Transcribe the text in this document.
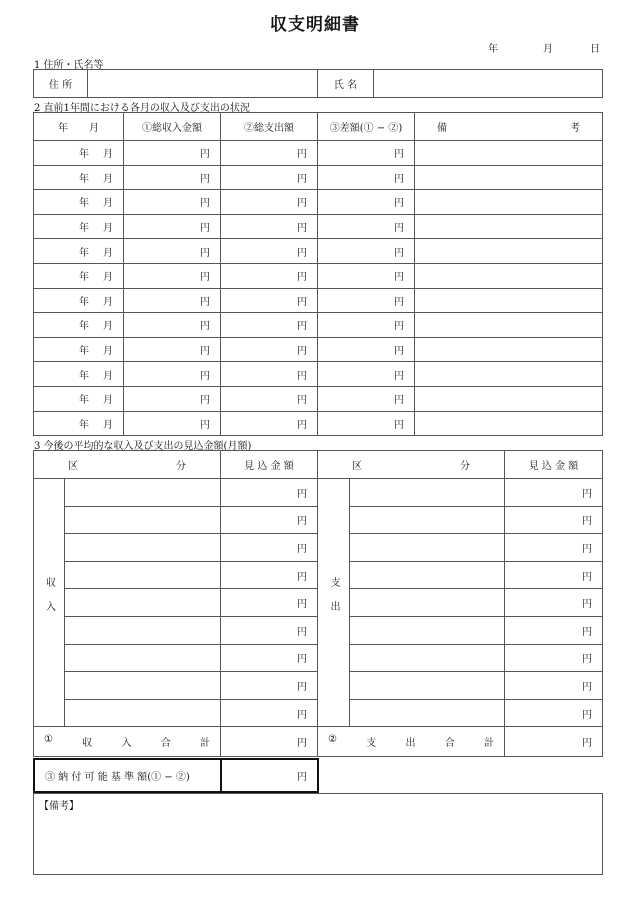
収支明細書
年	月	日
1 住所・氏名等
住 所		氏 名	
2 直前1年間における各月の収入及び支出の状況
年 月	①総収入金額	②総支出額	③差額(① − ②)	備 考

年 月	円	円	円	

年 月	円	円	円	

年 月	円	円	円	

年 月	円	円	円	

年 月	円	円	円	

年 月	円	円	円	

年 月	円	円	円	

年 月	円	円	円	

年 月	円	円	円	

年 月	円	円	円	

年 月	円	円	円	

年 月	円	円	円	
3 今後の平均的な収入及び支出の見込金額(月額)
区 分		見 込 金 額	区 分		見 込 金 額
収入		円	支出		円
		円			円
		円			円
		円			円
		円			円
		円			円
		円			円
		円			円
		円			円

① 収 入 合 計		円	② 支 出 合 計		円
③ 納 付 可 能 基 準 額(① − ②)	円
【備考】
